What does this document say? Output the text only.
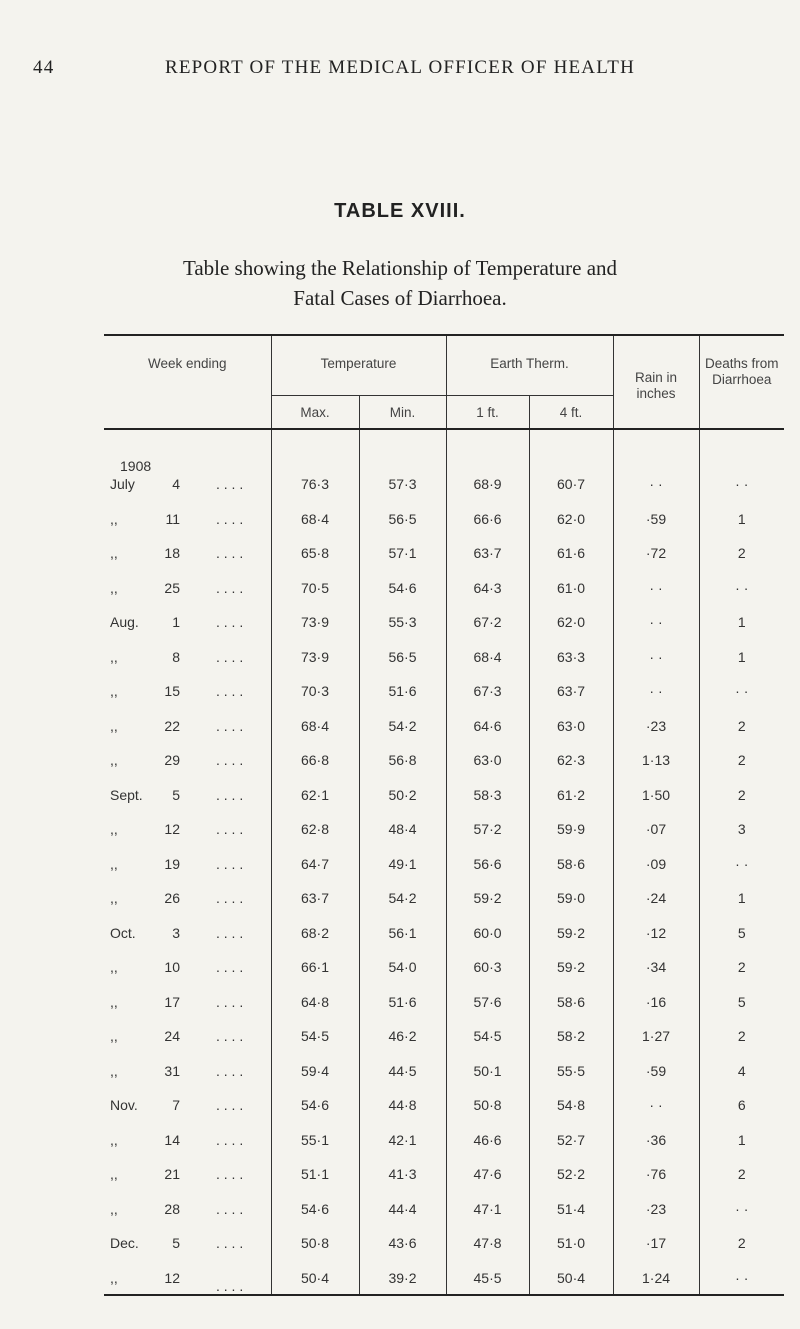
44	REPORT OF THE MEDICAL OFFICER OF HEALTH
TABLE XVIII.
Table showing the Relationship of Temperature and
Fatal Cases of Diarrhoea.
Week ending	Temperature		Earth Therm.		Rain in inches	Deaths from Diarrhoea
	Max.	Min.	1 ft.	4 ft.		

1908
July 4 . . . .	76·3	57·3	68·9	60·7	· ·	· ·
,, 11 . . . .	68·4	56·5	66·6	62·0	·59	1
,, 18 . . . .	65·8	57·1	63·7	61·6	·72	2
,, 25 . . . .	70·5	54·6	64·3	61·0	· ·	· ·
Aug. 1 . . . .	73·9	55·3	67·2	62·0	· ·	1
,, 8 . . . .	73·9	56·5	68·4	63·3	· ·	1
,, 15 . . . .	70·3	51·6	67·3	63·7	· ·	· ·
,, 22 . . . .	68·4	54·2	64·6	63·0	·23	2
,, 29 . . . .	66·8	56·8	63·0	62·3	1·13	2
Sept. 5 . . . .	62·1	50·2	58·3	61·2	1·50	2
,, 12 . . . .	62·8	48·4	57·2	59·9	·07	3
,, 19 . . . .	64·7	49·1	56·6	58·6	·09	· ·
,, 26 . . . .	63·7	54·2	59·2	59·0	·24	1
Oct. 3 . . . .	68·2	56·1	60·0	59·2	·12	5
,, 10 . . . .	66·1	54·0	60·3	59·2	·34	2
,, 17 . . . .	64·8	51·6	57·6	58·6	·16	5
,, 24 . . . .	54·5	46·2	54·5	58·2	1·27	2
,, 31 . . . .	59·4	44·5	50·1	55·5	·59	4
Nov. 7 . . . .	54·6	44·8	50·8	54·8	· ·	6
,, 14 . . . .	55·1	42·1	46·6	52·7	·36	1
,, 21 . . . .	51·1	41·3	47·6	52·2	·76	2
,, 28 . . . .	54·6	44·4	47·1	51·4	·23	· ·
Dec. 5 . . . .	50·8	43·6	47·8	51·0	·17	2
,, 12 . . . .	50·4	39·2	45·5	50·4	1·24	· ·
